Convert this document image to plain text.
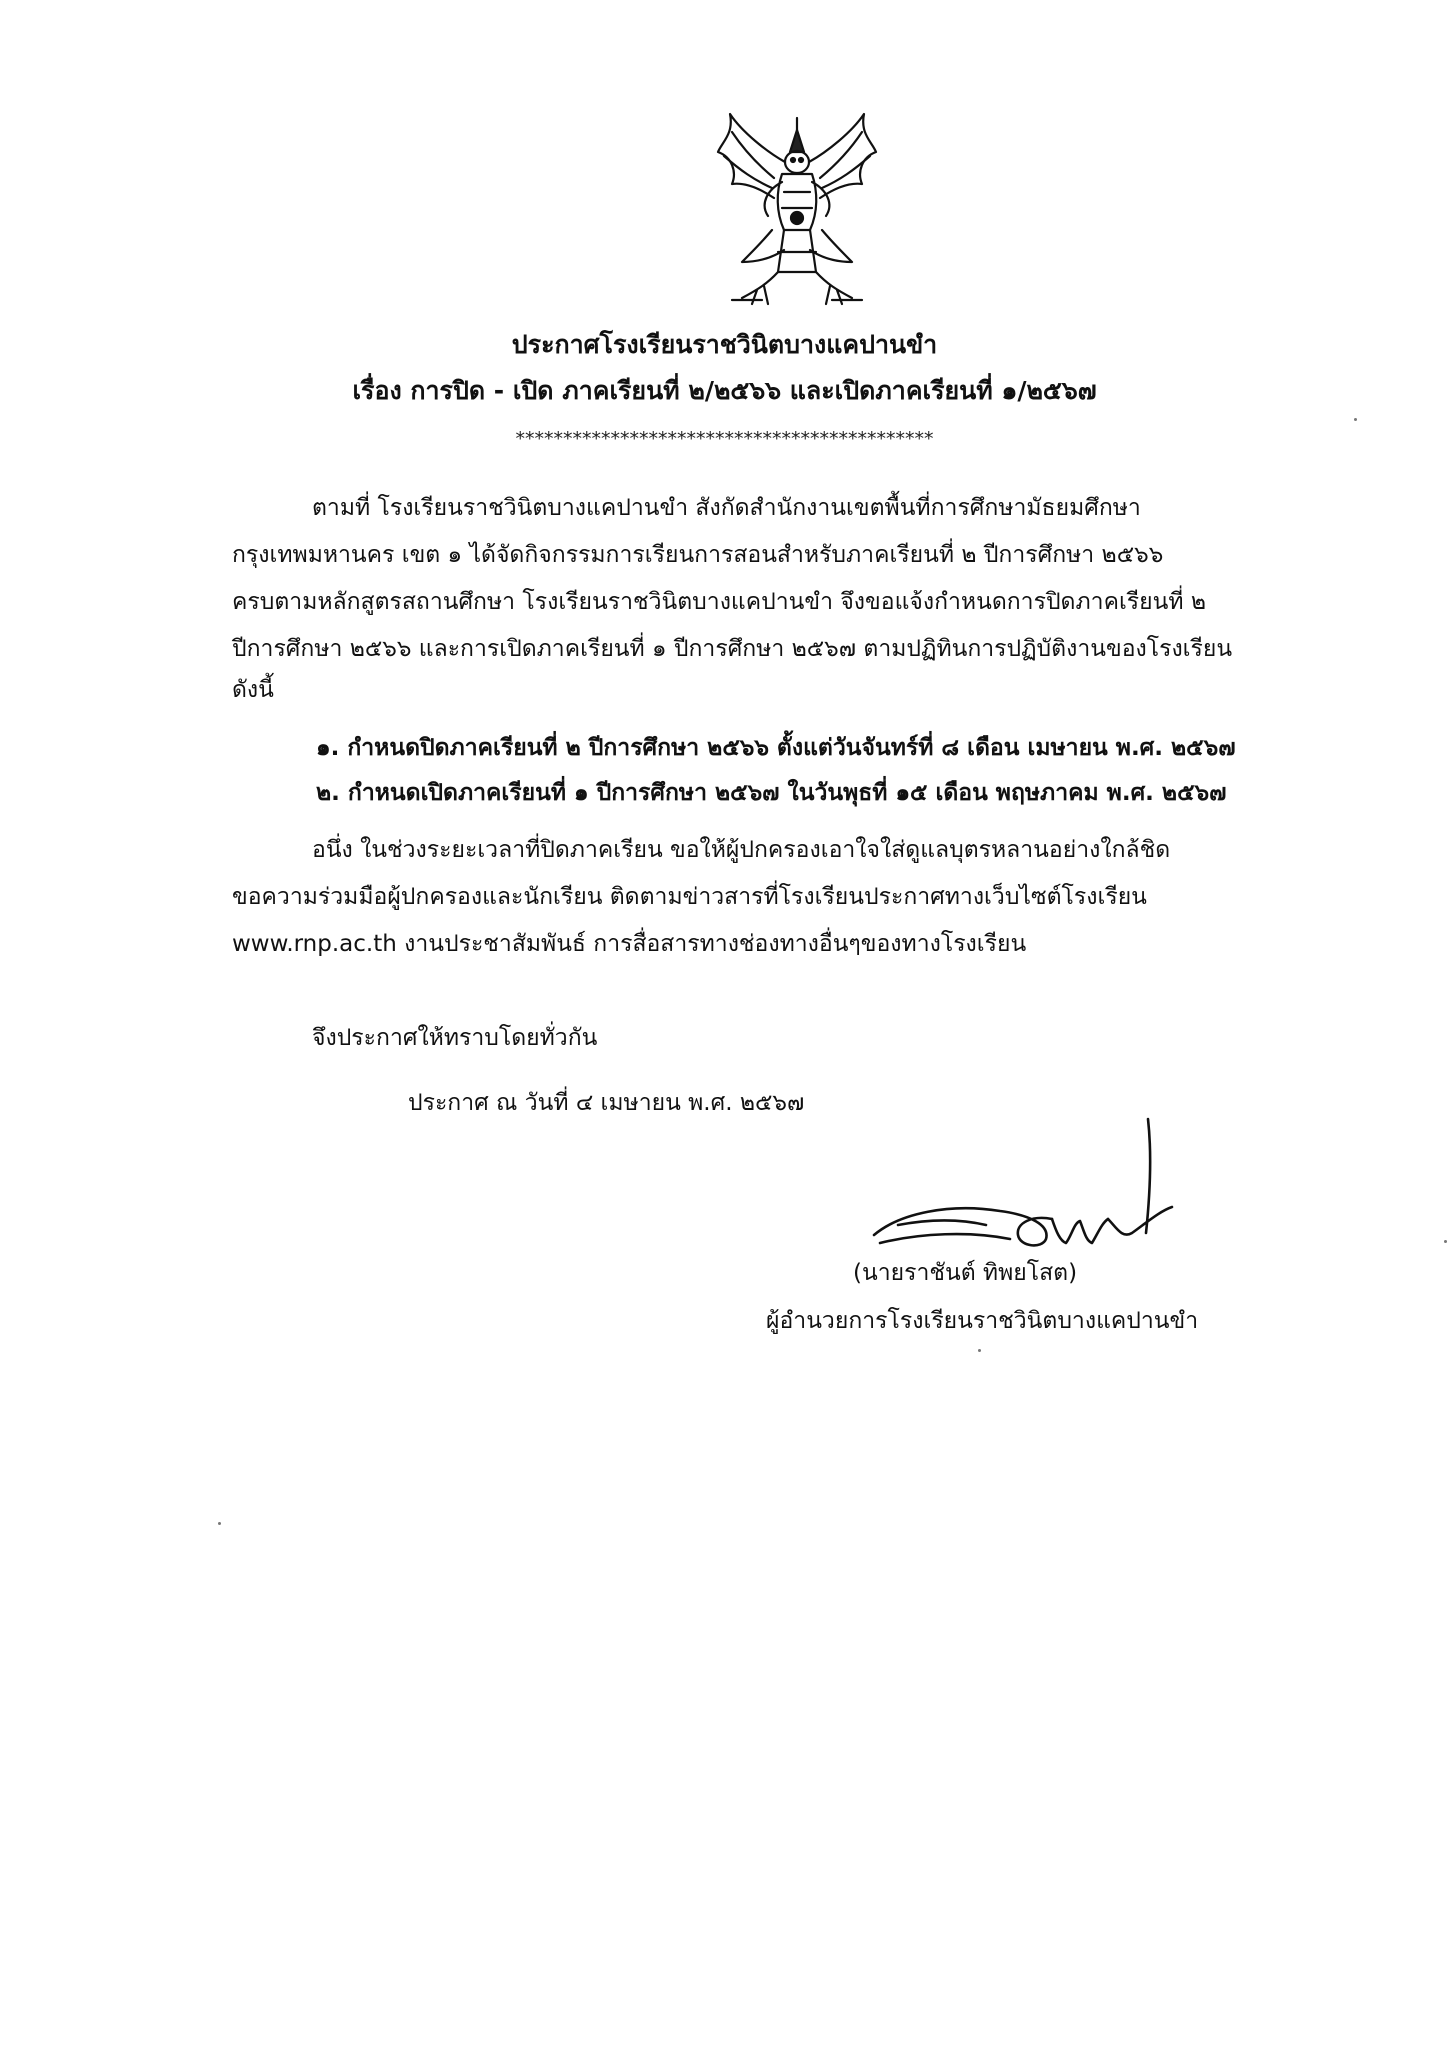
ประกาศโรงเรียนราชวินิตบางแคปานขำ
เรื่อง การปิด - เปิด ภาคเรียนที่ ๒/๒๕๖๖ และเปิดภาคเรียนที่ ๑/๒๕๖๗
********************************************
ตามที่ โรงเรียนราชวินิตบางแคปานขำ สังกัดสำนักงานเขตพื้นที่การศึกษามัธยมศึกษา
กรุงเทพมหานคร เขต ๑ ได้จัดกิจกรรมการเรียนการสอนสำหรับภาคเรียนที่ ๒ ปีการศึกษา ๒๕๖๖
ครบตามหลักสูตรสถานศึกษา โรงเรียนราชวินิตบางแคปานขำ จึงขอแจ้งกำหนดการปิดภาคเรียนที่ ๒
ปีการศึกษา ๒๕๖๖ และการเปิดภาคเรียนที่ ๑ ปีการศึกษา ๒๕๖๗ ตามปฏิทินการปฏิบัติงานของโรงเรียน
ดังนี้
๑. กำหนดปิดภาคเรียนที่ ๒ ปีการศึกษา ๒๕๖๖ ตั้งแต่วันจันทร์ที่ ๘ เดือน เมษายน พ.ศ. ๒๕๖๗
๒. กำหนดเปิดภาคเรียนที่ ๑ ปีการศึกษา ๒๕๖๗ ในวันพุธที่ ๑๕ เดือน พฤษภาคม พ.ศ. ๒๕๖๗
อนึ่ง ในช่วงระยะเวลาที่ปิดภาคเรียน ขอให้ผู้ปกครองเอาใจใส่ดูแลบุตรหลานอย่างใกล้ชิด
ขอความร่วมมือผู้ปกครองและนักเรียน ติดตามข่าวสารที่โรงเรียนประกาศทางเว็บไซต์โรงเรียน
www.rnp.ac.th งานประชาสัมพันธ์ การสื่อสารทางช่องทางอื่นๆของทางโรงเรียน
จึงประกาศให้ทราบโดยทั่วกัน
ประกาศ ณ วันที่ ๔ เมษายน พ.ศ. ๒๕๖๗
(นายราชันต์ ทิพยโสต)
ผู้อำนวยการโรงเรียนราชวินิตบางแคปานขำ
